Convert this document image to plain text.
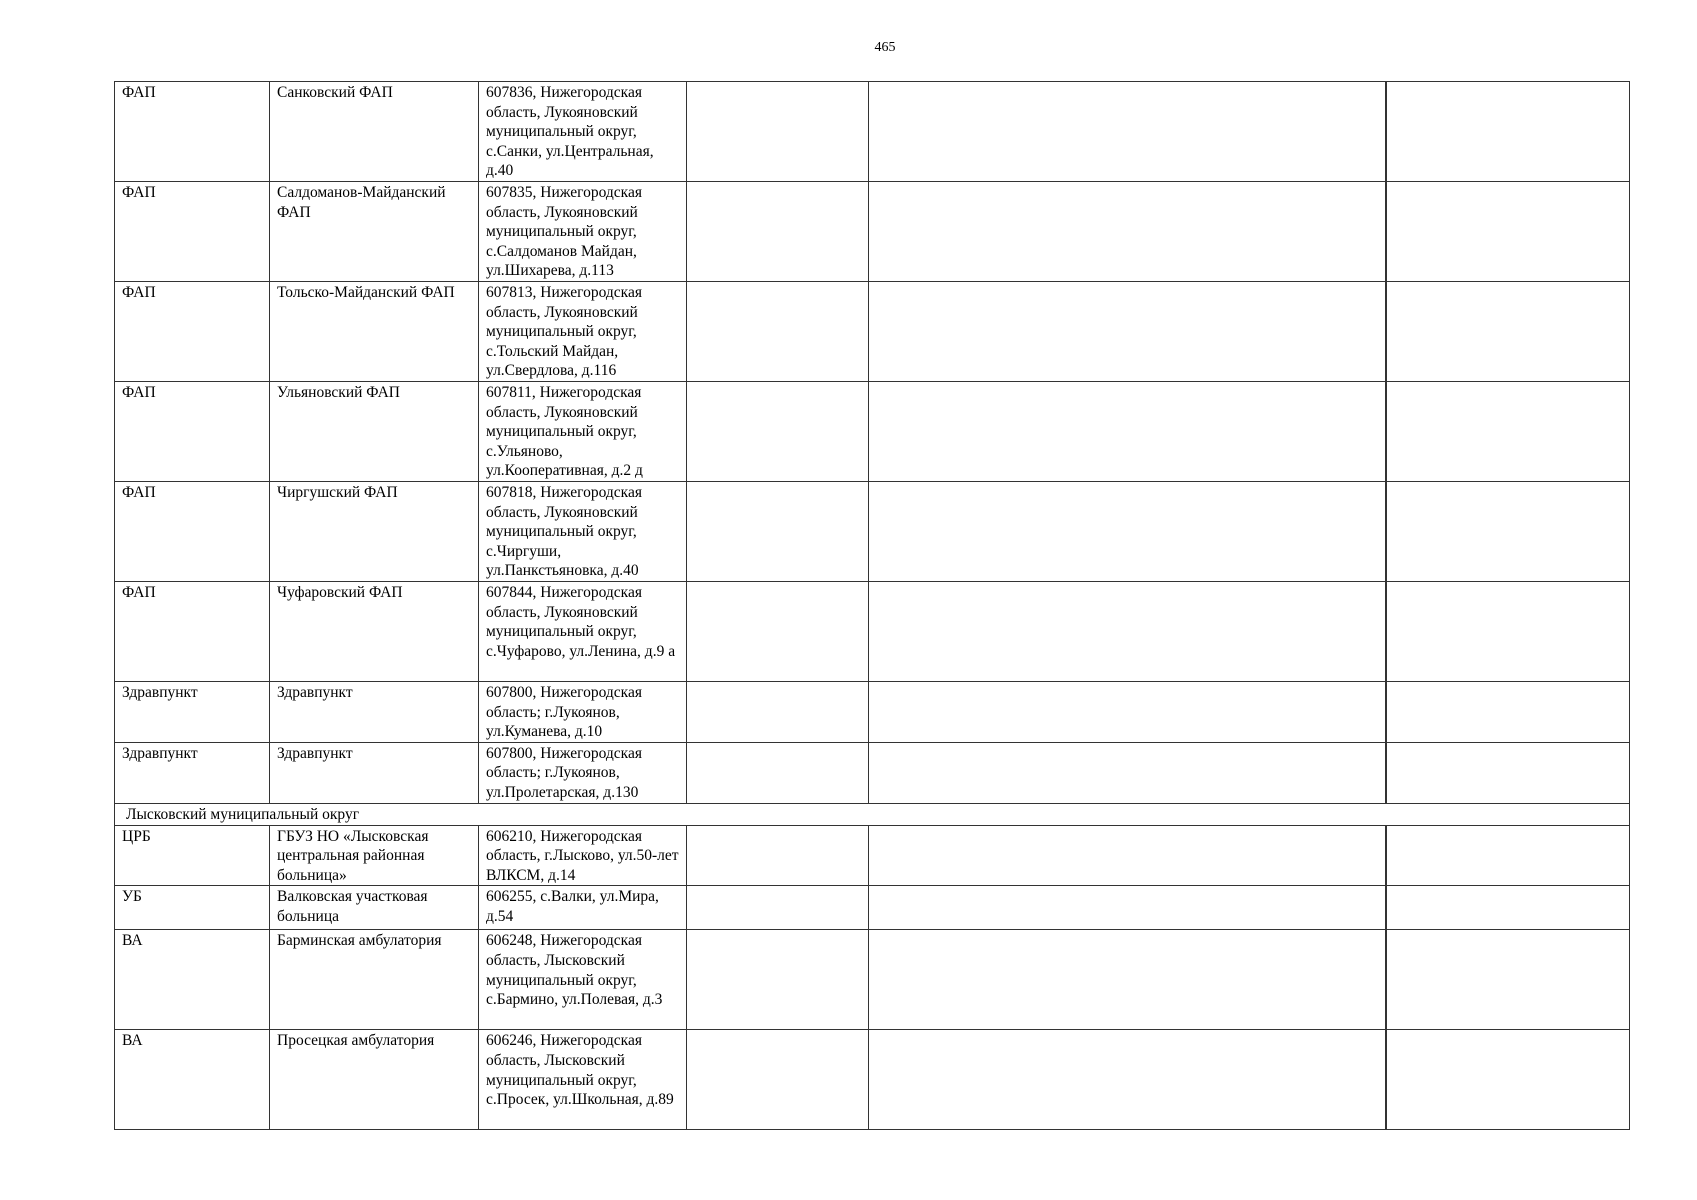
465
ФАП	Санковский ФАП	607836, Нижегородская область, Лукояновский муниципальный округ, с.Санки, ул.Центральная, д.40			
ФАП	Салдоманов-Майданский ФАП	607835, Нижегородская область, Лукояновский муниципальный округ, с.Салдоманов Майдан, ул.Шихарева, д.113			
ФАП	Тольско-Майданский ФАП	607813, Нижегородская область, Лукояновский муниципальный округ, с.Тольский Майдан, ул.Свердлова, д.116			
ФАП	Ульяновский ФАП	607811, Нижегородская область, Лукояновский муниципальный округ, с.Ульяново, ул.Кооперативная, д.2 д			
ФАП	Чиргушский ФАП	607818, Нижегородская область, Лукояновский муниципальный округ, с.Чиргуши, ул.Панкстьяновка, д.40			
ФАП	Чуфаровский ФАП	607844, Нижегородская область, Лукояновский муниципальный округ, с.Чуфарово, ул.Ленина, д.9 а			
Здравпункт	Здравпункт	607800, Нижегородская область; г.Лукоянов, ул.Куманева, д.10			
Здравпункт	Здравпункт	607800, Нижегородская область; г.Лукоянов, ул.Пролетарская, д.130			
Лысковский муниципальный округ					
ЦРБ	ГБУЗ НО «Лысковская центральная районная больница»	606210, Нижегородская область, г.Лысково, ул.50-лет ВЛКСМ, д.14			
УБ	Валковская участковая больница	606255, с.Валки, ул.Мира, д.54			
ВА	Барминская амбулатория	606248, Нижегородская область, Лысковский муниципальный округ, с.Бармино, ул.Полевая, д.3			
ВА	Просецкая амбулатория	606246, Нижегородская область, Лысковский муниципальный округ, с.Просек, ул.Школьная, д.89			
